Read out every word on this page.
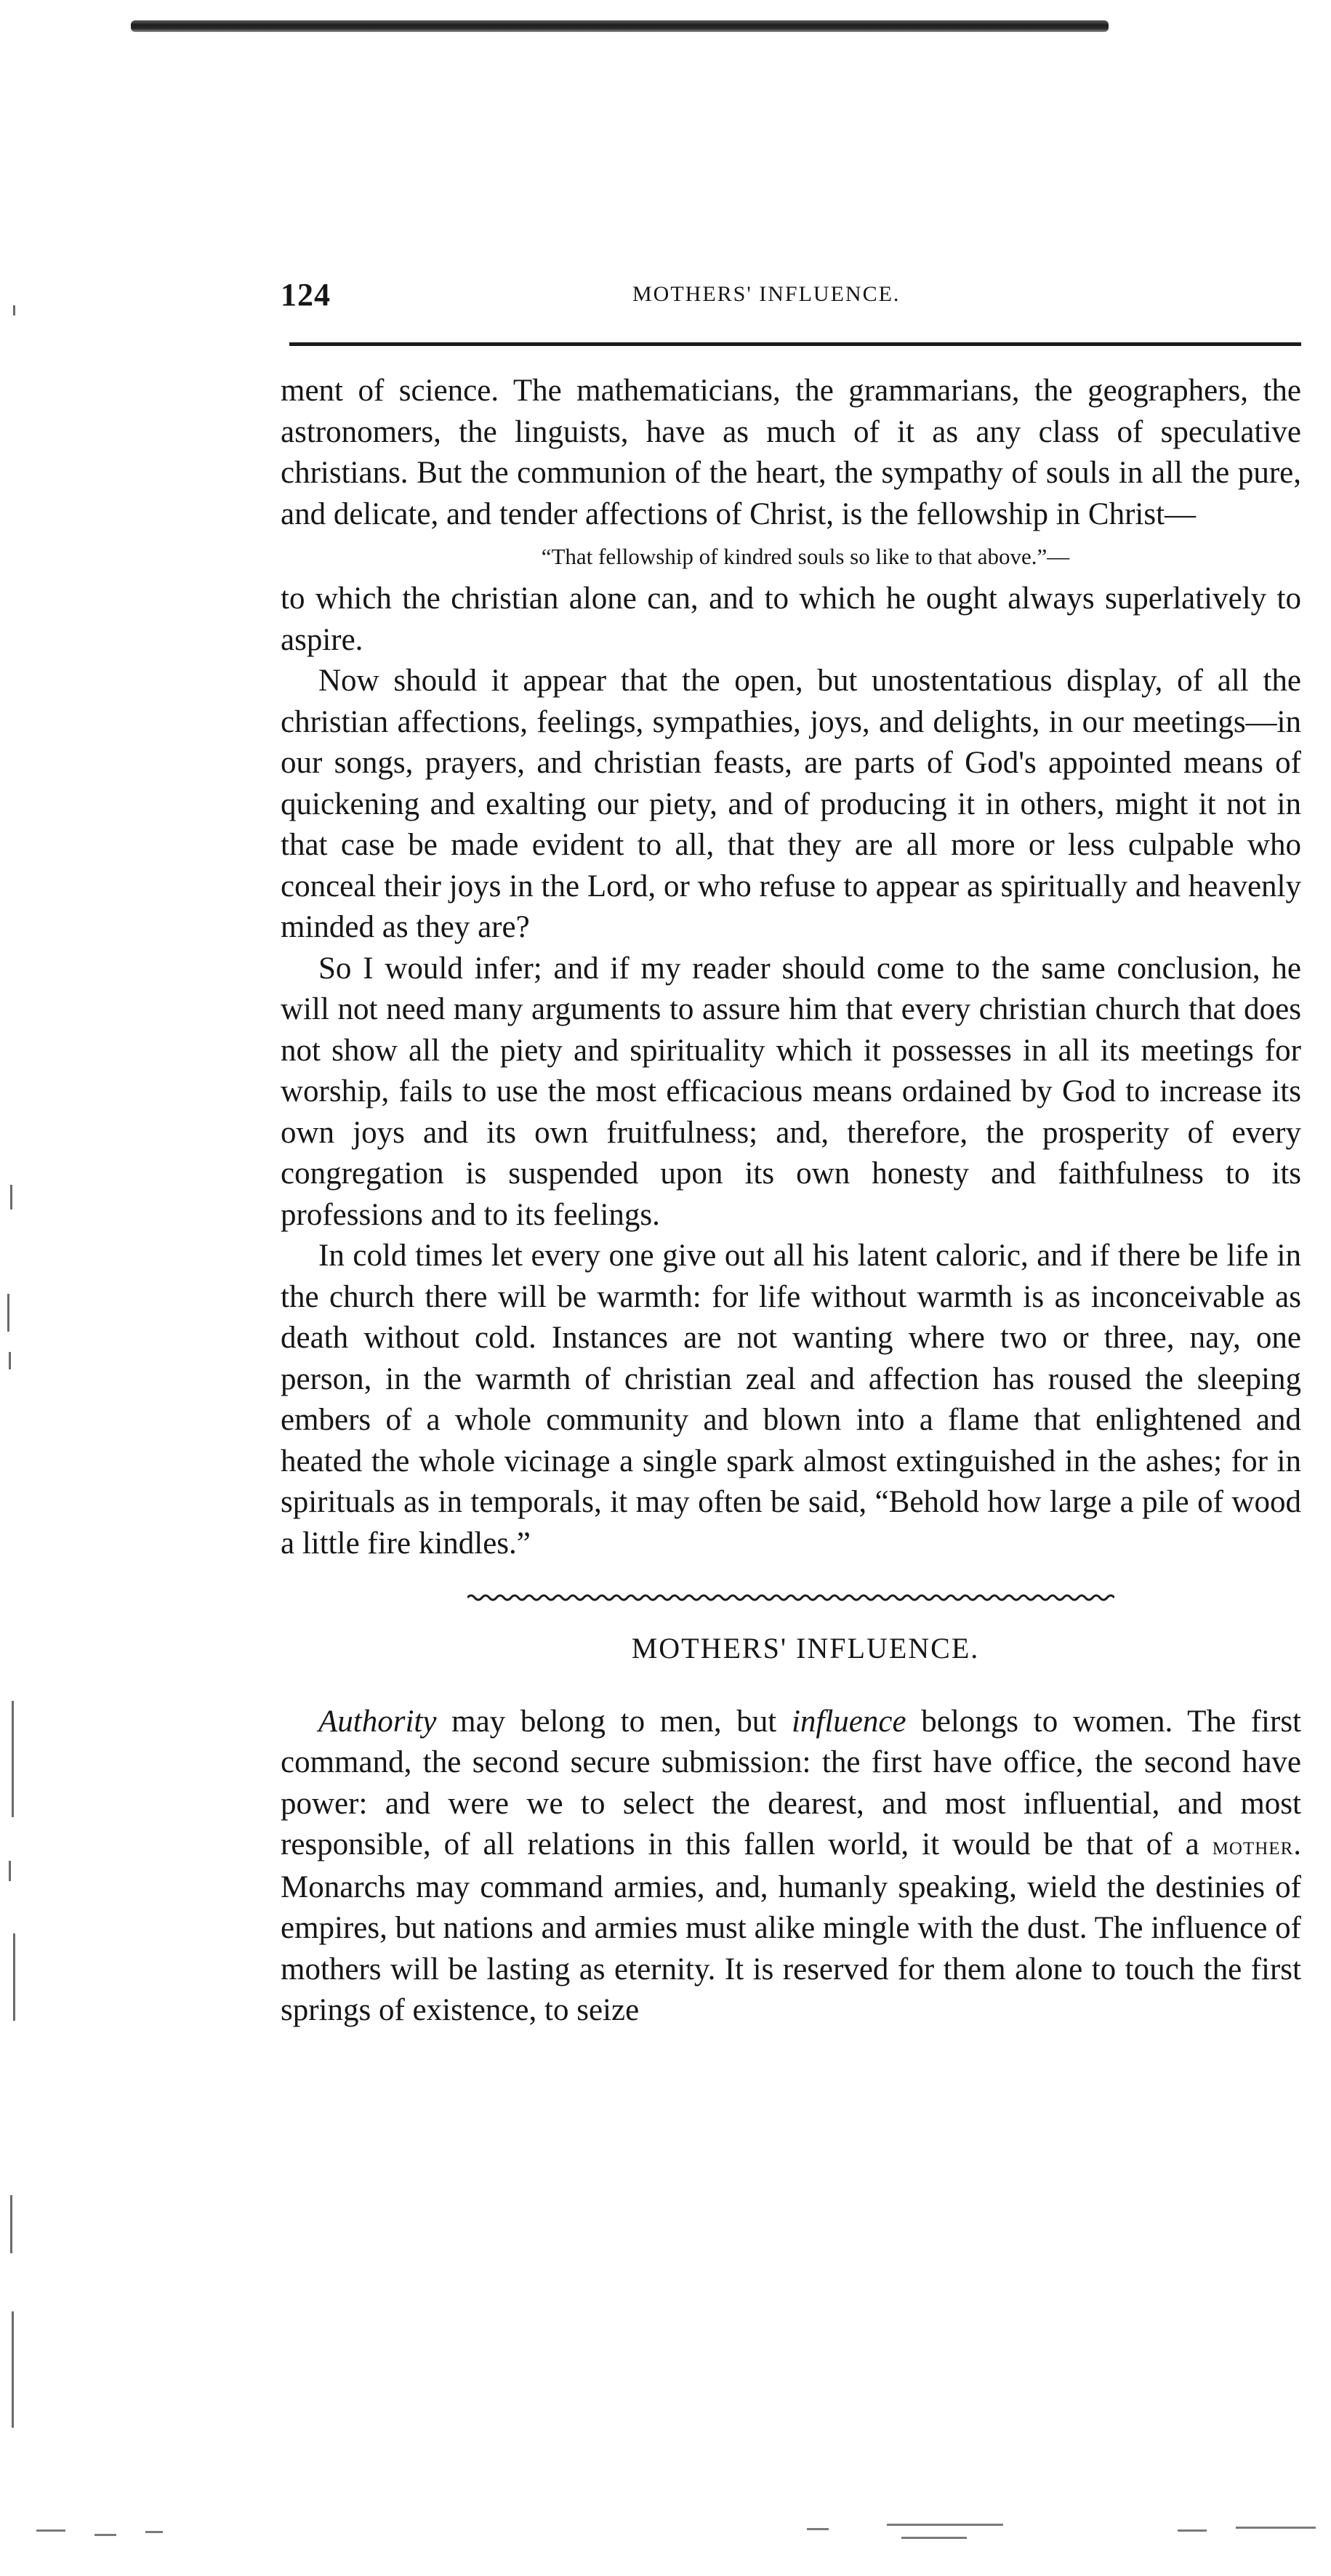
124	MOTHERS' INFLUENCE.

ment of science. The mathematicians, the grammarians, the geographers, the astronomers, the linguists, have as much of it as any class of speculative christians. But the communion of the heart, the sympathy of souls in all the pure, and delicate, and tender affections of Christ, is the fellowship in Christ—

“That fellowship of kindred souls so like to that above.”—

to which the christian alone can, and to which he ought always superlatively to aspire.

Now should it appear that the open, but unostentatious display, of all the christian affections, feelings, sympathies, joys, and delights, in our meetings—in our songs, prayers, and christian feasts, are parts of God's appointed means of quickening and exalting our piety, and of producing it in others, might it not in that case be made evident to all, that they are all more or less culpable who conceal their joys in the Lord, or who refuse to appear as spiritually and heavenly minded as they are?

So I would infer; and if my reader should come to the same conclusion, he will not need many arguments to assure him that every christian church that does not show all the piety and spirituality which it possesses in all its meetings for worship, fails to use the most efficacious means ordained by God to increase its own joys and its own fruitfulness; and, therefore, the prosperity of every congregation is suspended upon its own honesty and faithfulness to its professions and to its feelings.

In cold times let every one give out all his latent caloric, and if there be life in the church there will be warmth: for life without warmth is as inconceivable as death without cold. Instances are not wanting where two or three, nay, one person, in the warmth of christian zeal and affection has roused the sleeping embers of a whole community and blown into a flame that enlightened and heated the whole vicinage a single spark almost extinguished in the ashes; for in spirituals as in temporals, it may often be said, “Behold how large a pile of wood a little fire kindles.”

MOTHERS' INFLUENCE.

Authority may belong to men, but influence belongs to women. The first command, the second secure submission: the first have office, the second have power: and were we to select the dearest, and most influential, and most responsible, of all relations in this fallen world, it would be that of a mother. Monarchs may command armies, and, humanly speaking, wield the destinies of empires, but nations and armies must alike mingle with the dust. The influence of mothers will be lasting as eternity. It is reserved for them alone to touch the first springs of existence, to seize
